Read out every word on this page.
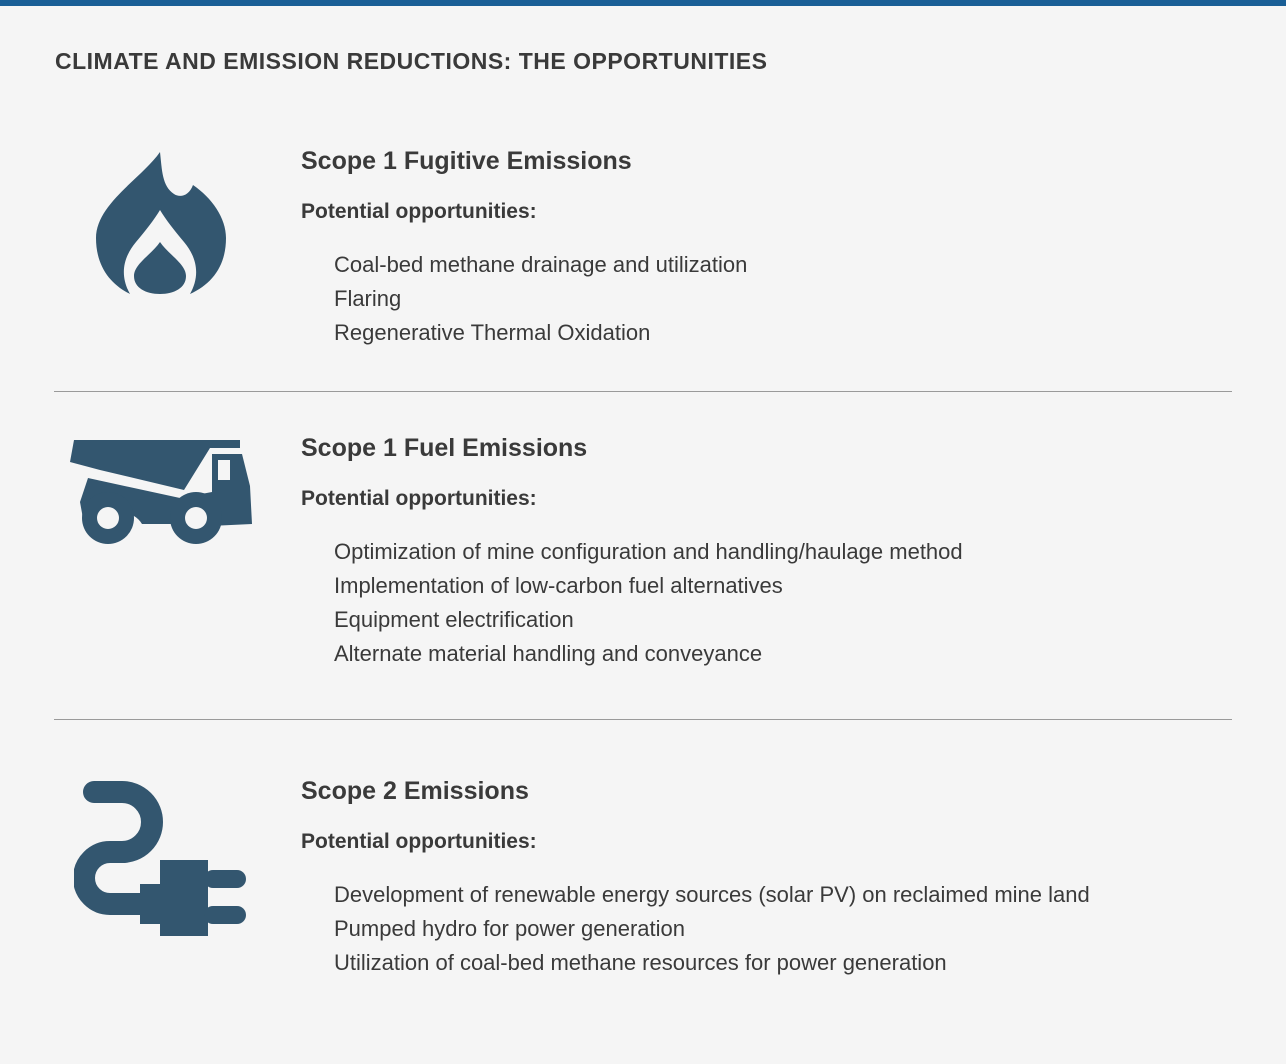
CLIMATE AND EMISSION REDUCTIONS: THE OPPORTUNITIES
Scope 1 Fugitive Emissions
Potential opportunities:
Coal-bed methane drainage and utilization
Flaring
Regenerative Thermal Oxidation
Scope 1 Fuel Emissions
Potential opportunities:
Optimization of mine configuration and handling/haulage method
Implementation of low-carbon fuel alternatives
Equipment electrification
Alternate material handling and conveyance
Scope 2 Emissions
Potential opportunities:
Development of renewable energy sources (solar PV) on reclaimed mine land
Pumped hydro for power generation
Utilization of coal-bed methane resources for power generation
